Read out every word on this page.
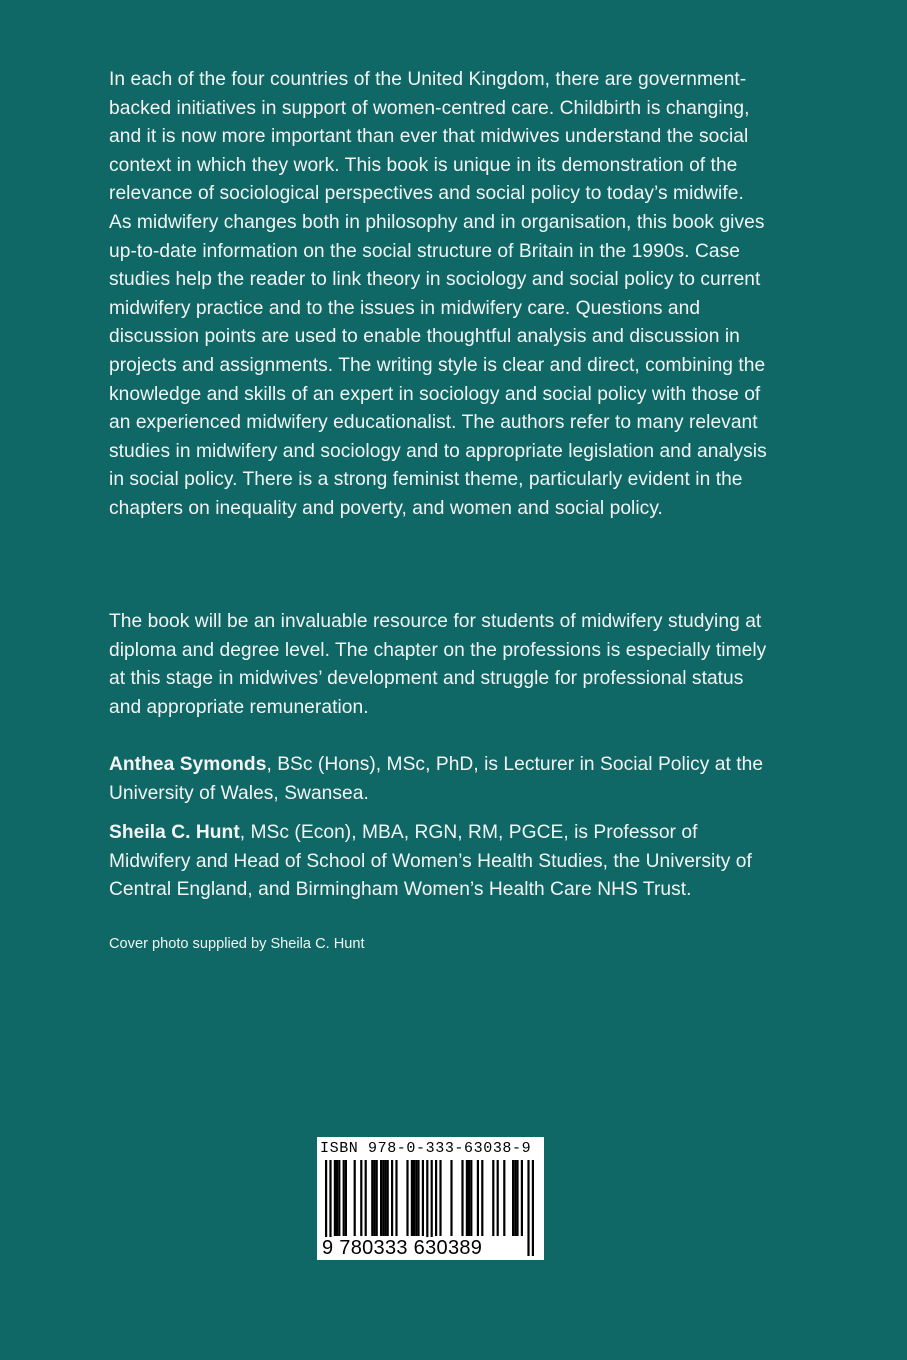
In each of the four countries of the United Kingdom, there are government-backed initiatives in support of women-centred care. Childbirth is changing, and it is now more important than ever that midwives understand the social context in which they work. This book is unique in its demonstration of the relevance of sociological perspectives and social policy to today’s midwife. As midwifery changes both in philosophy and in organisation, this book gives up-to-date information on the social structure of Britain in the 1990s. Case studies help the reader to link theory in sociology and social policy to current midwifery practice and to the issues in midwifery care. Questions and discussion points are used to enable thoughtful analysis and discussion in projects and assignments. The writing style is clear and direct, combining the knowledge and skills of an expert in sociology and social policy with those of an experienced midwifery educationalist. The authors refer to many relevant studies in midwifery and sociology and to appropriate legislation and analysis in social policy. There is a strong feminist theme, particularly evident in the chapters on inequality and poverty, and women and social policy.

The book will be an invaluable resource for students of midwifery studying at diploma and degree level. The chapter on the professions is especially timely at this stage in midwives’ development and struggle for professional status and appropriate remuneration.

Anthea Symonds, BSc (Hons), MSc, PhD, is Lecturer in Social Policy at the University of Wales, Swansea.

Sheila C. Hunt, MSc (Econ), MBA, RGN, RM, PGCE, is Professor of Midwifery and Head of School of Women’s Health Studies, the University of Central England, and Birmingham Women’s Health Care NHS Trust.

Cover photo supplied by Sheila C. Hunt

ISBN 978-0-333-63038-9
9 780333 630389
